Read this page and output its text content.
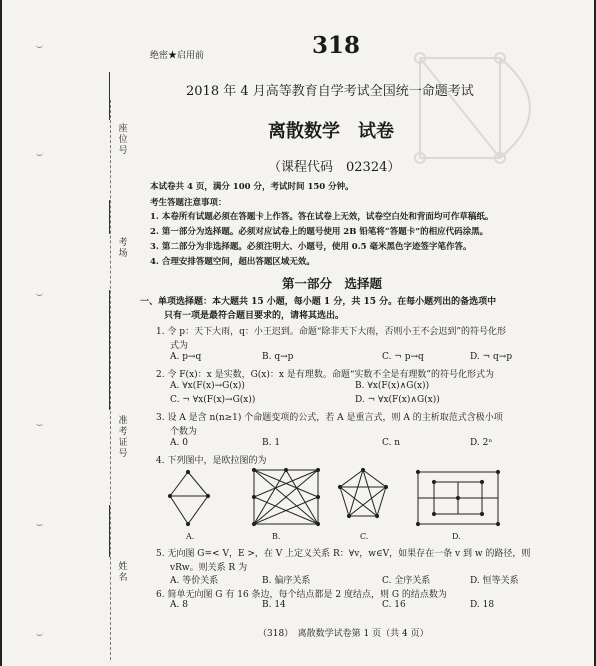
座位号
考场
准考证号
姓名
绝密★启用前	318
2018 年 4 月高等教育自学考试全国统一命题考试
离散数学　试卷
（课程代码　02324）
本试卷共 4 页，满分 100 分，考试时间 150 分钟。
考生答题注意事项：
1. 本卷所有试题必须在答题卡上作答。答在试卷上无效，试卷空白处和背面均可作草稿纸。
2. 第一部分为选择题。必须对应试卷上的题号使用 2B 铅笔将“答题卡”的相应代码涂黑。
3. 第二部分为非选择题。必须注明大、小题号，使用 0.5 毫米黑色字迹签字笔作答。
4. 合理安排答题空间，超出答题区域无效。
第一部分　选择题
一、单项选择题：本大题共 15 小题，每小题 1 分，共 15 分。在每小题列出的备选项中
只有一项是最符合题目要求的，请将其选出。
1. 令 p：天下大雨，q：小王迟到。命题“除非天下大雨，否则小王不会迟到”的符号化形
式为
A. p→q	B. q→p	C. ¬ p→q	D. ¬ q→p
2. 令 F(x)：x 是实数，G(x)：x 是有理数。命题“实数不全是有理数”的符号化形式为
A. ∀x(F(x)→G(x))	B. ∀x(F(x)∧G(x))
C. ¬ ∀x(F(x)→G(x))	D. ¬ ∀x(F(x)∧G(x))
3. 设 A 是含 n(n≥1) 个命题变项的公式，若 A 是重言式，则 A 的主析取范式含极小项
个数为
A. 0	B. 1	C. n	D. 2ⁿ
4. 下列图中，是欧拉图的为
A.	B.	C.	D.
5. 无向图 G=< V，E >，在 V 上定义关系 R：∀v，w∈V，如果存在一条 v 到 w 的路径，则
vRw。则关系 R 为
A. 等价关系	B. 偏序关系	C. 全序关系	D. 恒等关系
6. 简单无向图 G 有 16 条边，每个结点都是 2 度结点，则 G 的结点数为
A. 8	B. 14	C. 16	D. 18
（318）　离散数学试卷第 1 页（共 4 页）
